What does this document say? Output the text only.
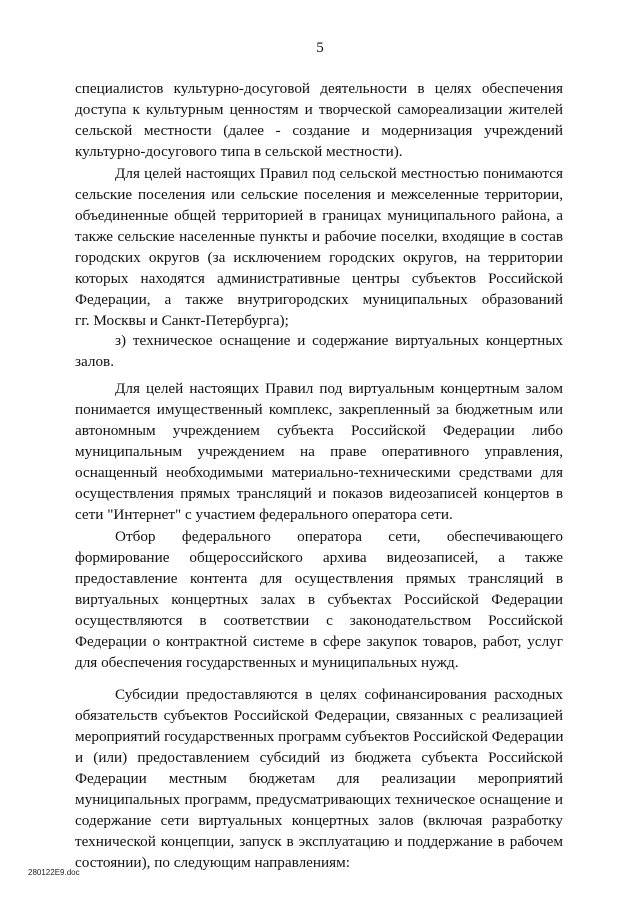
5
специалистов культурно-досуговой деятельности в целях обеспечения
доступа к культурным ценностям и творческой самореализации жителей
сельской местности (далее - создание и модернизация учреждений
культурно-досугового типа в сельской местности).
Для целей настоящих Правил под сельской местностью понимаются
сельские поселения или сельские поселения и межселенные территории,
объединенные общей территорией в границах муниципального района, а
также сельские населенные пункты и рабочие поселки, входящие в состав
городских округов (за исключением городских округов, на территории
которых находятся административные центры субъектов Российской
Федерации, а также внутригородских муниципальных образований
гг. Москвы и Санкт-Петербурга);
з) техническое оснащение и содержание виртуальных концертных
залов.
Для целей настоящих Правил под виртуальным концертным залом
понимается имущественный комплекс, закрепленный за бюджетным или
автономным учреждением субъекта Российской Федерации либо
муниципальным учреждением на праве оперативного управления,
оснащенный необходимыми материально-техническими средствами для
осуществления прямых трансляций и показов видеозаписей концертов в
сети "Интернет" с участием федерального оператора сети.
Отбор федерального оператора сети, обеспечивающего
формирование общероссийского архива видеозаписей, а также
предоставление контента для осуществления прямых трансляций в
виртуальных концертных залах в субъектах Российской Федерации
осуществляются в соответствии с законодательством Российской
Федерации о контрактной системе в сфере закупок товаров, работ, услуг
для обеспечения государственных и муниципальных нужд.
Субсидии предоставляются в целях софинансирования расходных
обязательств субъектов Российской Федерации, связанных с реализацией
мероприятий государственных программ субъектов Российской Федерации
и (или) предоставлением субсидий из бюджета субъекта Российской
Федерации местным бюджетам для реализации мероприятий
муниципальных программ, предусматривающих техническое оснащение и
содержание сети виртуальных концертных залов (включая разработку
технической концепции, запуск в эксплуатацию и поддержание в рабочем
состоянии), по следующим направлениям:
280122E9.doc
